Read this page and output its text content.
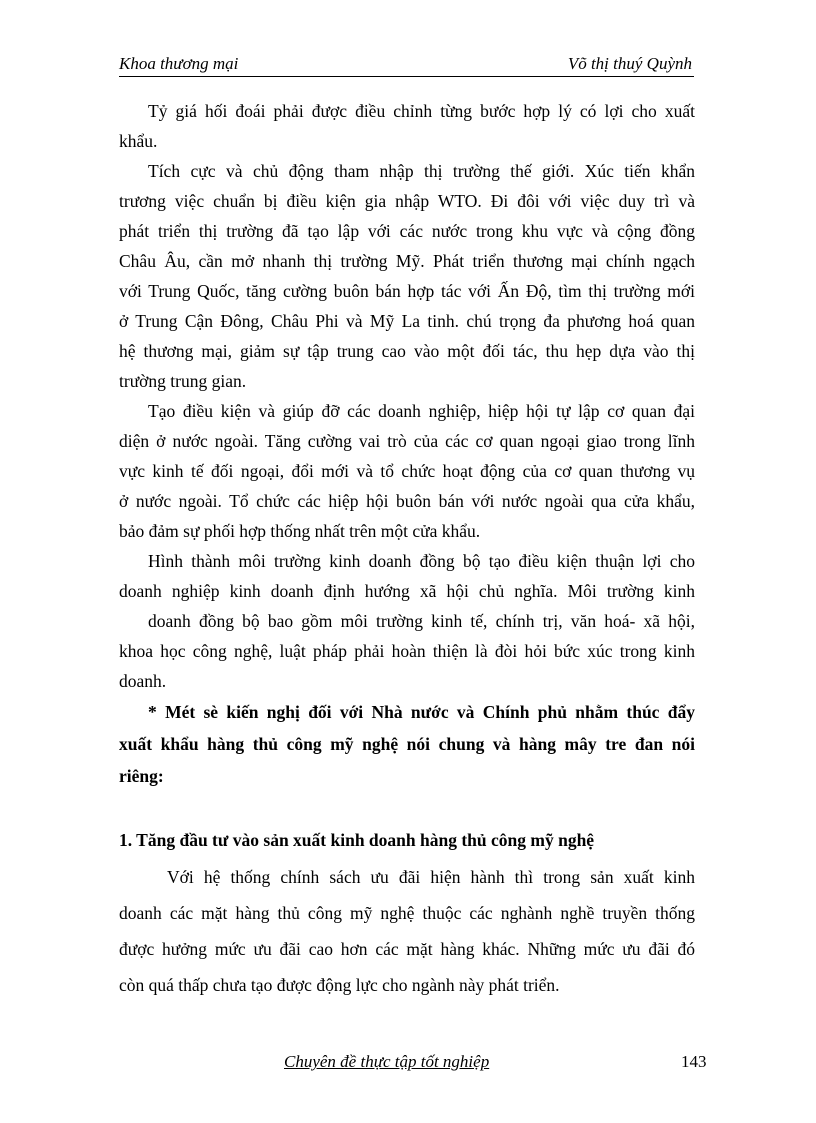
Khoa thương mại	Võ thị thuý Quỳnh
Tỷ giá hối đoái phải được điều chỉnh từng bước hợp lý có lợi cho xuất
khẩu.
Tích cực và chủ động tham nhập thị trường thế giới. Xúc tiến khẩn
trương việc chuẩn bị điều kiện gia nhập WTO. Đi đôi với việc duy trì và
phát triển thị trường đã tạo lập với các nước trong khu vực và cộng đồng
Châu Âu, cần mở nhanh thị trường Mỹ. Phát triển thương mại chính ngạch
với Trung Quốc, tăng cường buôn bán hợp tác với Ấn Độ, tìm thị trường mới
ở Trung Cận Đông, Châu Phi và Mỹ La tinh. chú trọng đa phương hoá quan
hệ thương mại, giảm sự tập trung cao vào một đối tác, thu hẹp dựa vào thị
trường trung gian.
Tạo điều kiện và giúp đỡ các doanh nghiệp, hiệp hội tự lập cơ quan đại
diện ở nước ngoài. Tăng cường vai trò của các cơ quan ngoại giao trong lĩnh
vực kinh tế đối ngoại, đổi mới và tổ chức hoạt động của cơ quan thương vụ
ở nước ngoài. Tổ chức các hiệp hội buôn bán với nước ngoài qua cửa khẩu,
bảo đảm sự phối hợp thống nhất trên một cửa khẩu.
Hình thành môi trường kinh doanh đồng bộ tạo điều kiện thuận lợi cho
doanh nghiệp kinh doanh định hướng xã hội chủ nghĩa. Môi trường kinh
doanh đồng bộ bao gồm môi trường kinh tế, chính trị, văn hoá- xã hội,
khoa học công nghệ, luật pháp phải hoàn thiện là đòi hỏi bức xúc trong kinh
doanh.
* Mét sè kiến nghị đối với Nhà nước và Chính phủ nhằm thúc đẩy
xuất khẩu hàng thủ công mỹ nghệ nói chung và hàng mây tre đan nói
riêng:
1. Tăng đầu tư vào sản xuất kinh doanh hàng thủ công mỹ nghệ
Với hệ thống chính sách ưu đãi hiện hành thì trong sản xuất kinh
doanh các mặt hàng thủ công mỹ nghệ thuộc các nghành nghề truyền thống
được hưởng mức ưu đãi cao hơn các mặt hàng khác. Những mức ưu đãi đó
còn quá thấp chưa tạo được động lực cho ngành này phát triển.
Chuyên đề thực tập tốt nghiệp	143
